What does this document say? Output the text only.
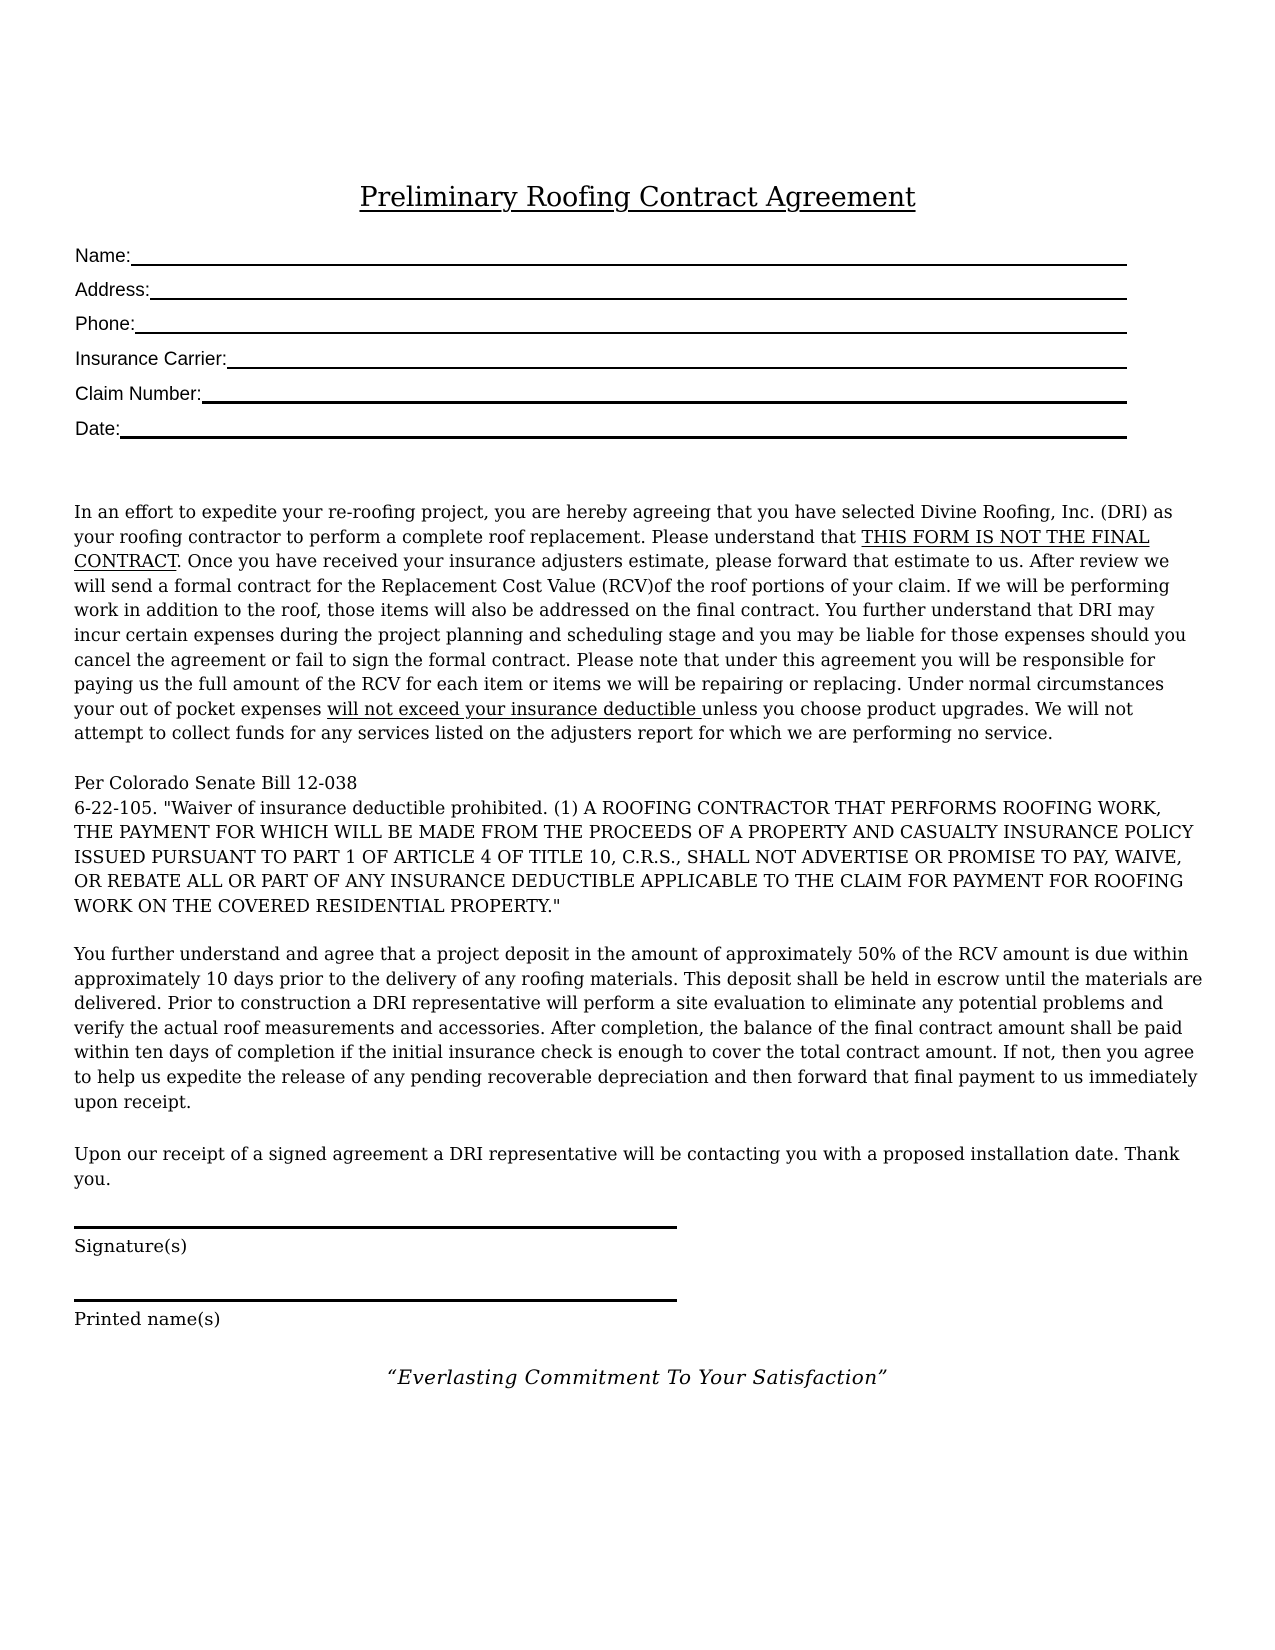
Preliminary Roofing Contract Agreement
Name:
Address:
Phone:
Insurance Carrier:
Claim Number:
Date:

In an effort to expedite your re-roofing project, you are hereby agreeing that you have selected Divine Roofing, Inc. (DRI) as your roofing contractor to perform a complete roof replacement. Please understand that THIS FORM IS NOT THE FINAL CONTRACT. Once you have received your insurance adjusters estimate, please forward that estimate to us. After review we will send a formal contract for the Replacement Cost Value (RCV)of the roof portions of your claim. If we will be performing work in addition to the roof, those items will also be addressed on the final contract. You further understand that DRI may incur certain expenses during the project planning and scheduling stage and you may be liable for those expenses should you cancel the agreement or fail to sign the formal contract. Please note that under this agreement you will be responsible for paying us the full amount of the RCV for each item or items we will be repairing or replacing. Under normal circumstances your out of pocket expenses will not exceed your insurance deductible unless you choose product upgrades. We will not attempt to collect funds for any services listed on the adjusters report for which we are performing no service.

Per Colorado Senate Bill 12-038
6-22-105. "Waiver of insurance deductible prohibited. (1) A ROOFING CONTRACTOR THAT PERFORMS ROOFING WORK, THE PAYMENT FOR WHICH WILL BE MADE FROM THE PROCEEDS OF A PROPERTY AND CASUALTY INSURANCE POLICY ISSUED PURSUANT TO PART 1 OF ARTICLE 4 OF TITLE 10, C.R.S., SHALL NOT ADVERTISE OR PROMISE TO PAY, WAIVE, OR REBATE ALL OR PART OF ANY INSURANCE DEDUCTIBLE APPLICABLE TO THE CLAIM FOR PAYMENT FOR ROOFING WORK ON THE COVERED RESIDENTIAL PROPERTY."

You further understand and agree that a project deposit in the amount of approximately 50% of the RCV amount is due within approximately 10 days prior to the delivery of any roofing materials. This deposit shall be held in escrow until the materials are delivered. Prior to construction a DRI representative will perform a site evaluation to eliminate any potential problems and verify the actual roof measurements and accessories. After completion, the balance of the final contract amount shall be paid within ten days of completion if the initial insurance check is enough to cover the total contract amount. If not, then you agree to help us expedite the release of any pending recoverable depreciation and then forward that final payment to us immediately upon receipt.

Upon our receipt of a signed agreement a DRI representative will be contacting you with a proposed installation date. Thank you.

Signature(s)
Printed name(s)
“Everlasting Commitment To Your Satisfaction”
